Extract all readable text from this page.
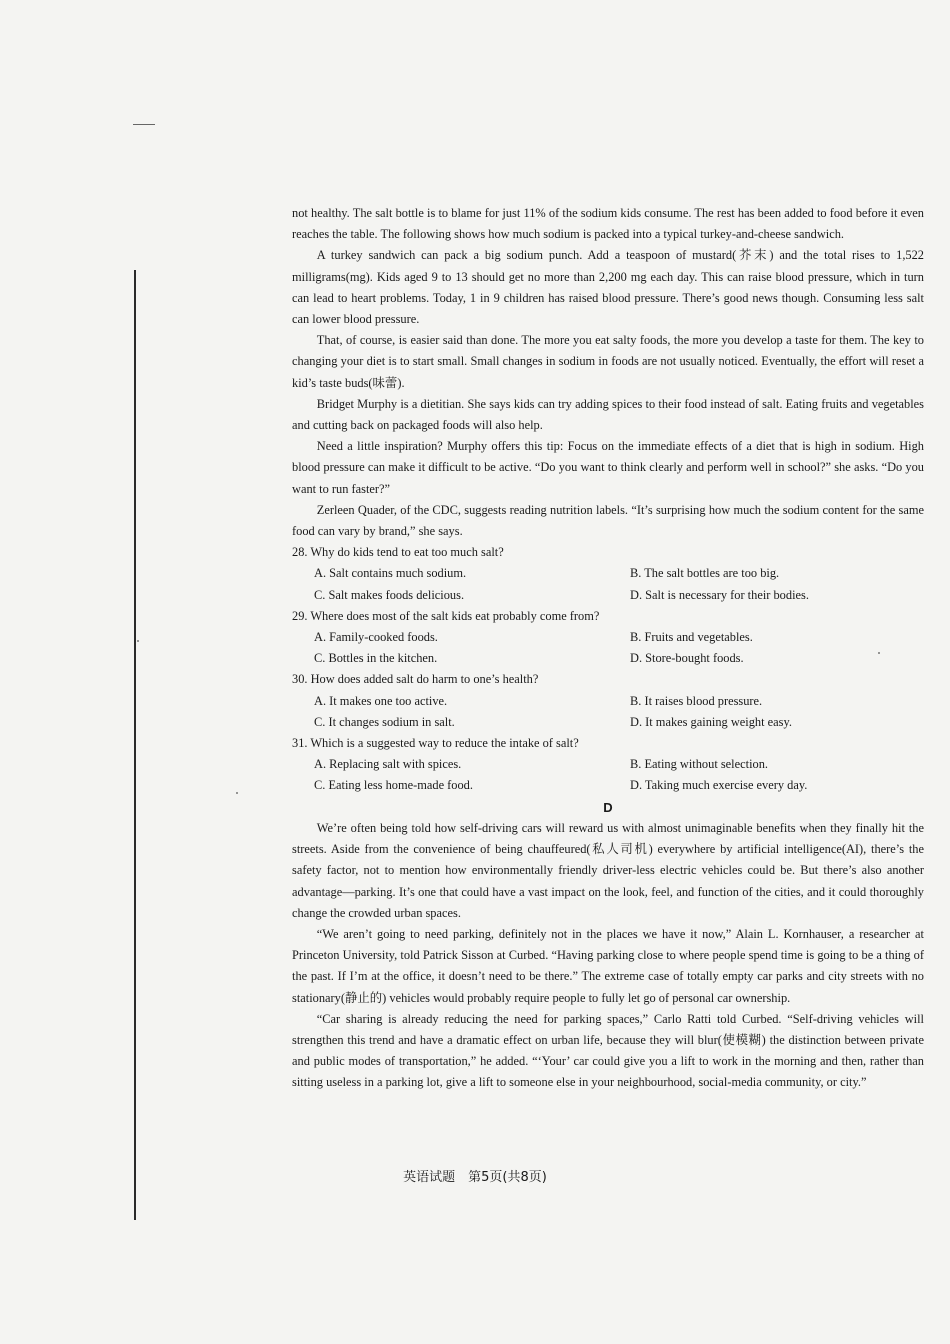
not healthy. The salt bottle is to blame for just 11% of the sodium kids consume. The rest has been added to food before it even reaches the table. The following shows how much sodium is packed into a typical turkey-and-cheese sandwich.

A turkey sandwich can pack a big sodium punch. Add a teaspoon of mustard(芥末) and the total rises to 1,522 milligrams(mg). Kids aged 9 to 13 should get no more than 2,200 mg each day. This can raise blood pressure, which in turn can lead to heart problems. Today, 1 in 9 children has raised blood pressure. There’s good news though. Consuming less salt can lower blood pressure.

That, of course, is easier said than done. The more you eat salty foods, the more you develop a taste for them. The key to changing your diet is to start small. Small changes in sodium in foods are not usually noticed. Eventually, the effort will reset a kid’s taste buds(味蕾).

Bridget Murphy is a dietitian. She says kids can try adding spices to their food instead of salt. Eating fruits and vegetables and cutting back on packaged foods will also help.

Need a little inspiration? Murphy offers this tip: Focus on the immediate effects of a diet that is high in sodium. High blood pressure can make it difficult to be active. “Do you want to think clearly and perform well in school?” she asks. “Do you want to run faster?”

Zerleen Quader, of the CDC, suggests reading nutrition labels. “It’s surprising how much the sodium content for the same food can vary by brand,” she says.

28. Why do kids tend to eat too much salt?

A. Salt contains much sodium.	B. The salt bottles are too big.
C. Salt makes foods delicious.	D. Salt is necessary for their bodies.

29. Where does most of the salt kids eat probably come from?

A. Family-cooked foods.	B. Fruits and vegetables.
C. Bottles in the kitchen.	D. Store-bought foods.

30. How does added salt do harm to one’s health?

A. It makes one too active.	B. It raises blood pressure.
C. It changes sodium in salt.	D. It makes gaining weight easy.

31. Which is a suggested way to reduce the intake of salt?

A. Replacing salt with spices.	B. Eating without selection.
C. Eating less home-made food.	D. Taking much exercise every day.

D

We’re often being told how self-driving cars will reward us with almost unimaginable benefits when they finally hit the streets. Aside from the convenience of being chauffeured(私人司机) everywhere by artificial intelligence(AI), there’s the safety factor, not to mention how environmentally friendly driver-less electric vehicles could be. But there’s also another advantage—parking. It’s one that could have a vast impact on the look, feel, and function of the cities, and it could thoroughly change the crowded urban spaces.

“We aren’t going to need parking, definitely not in the places we have it now,” Alain L. Kornhauser, a researcher at Princeton University, told Patrick Sisson at Curbed. “Having parking close to where people spend time is going to be a thing of the past. If I’m at the office, it doesn’t need to be there.” The extreme case of totally empty car parks and city streets with no stationary(静止的) vehicles would probably require people to fully let go of personal car ownership.

“Car sharing is already reducing the need for parking spaces,” Carlo Ratti told Curbed. “Self-driving vehicles will strengthen this trend and have a dramatic effect on urban life, because they will blur(使模糊) the distinction between private and public modes of transportation,” he added. “‘Your’ car could give you a lift to work in the morning and then, rather than sitting useless in a parking lot, give a lift to someone else in your neighbourhood, social-media community, or city.”

英语试题　第5页(共8页)
